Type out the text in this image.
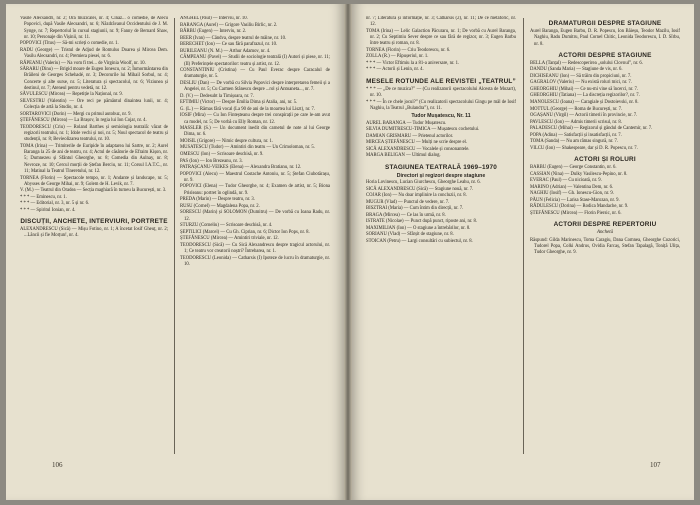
Vasile Alecsandri, nr. 2; Ora muzicalei, nr. 4; Cinãz... o comedie, de Alecu Popovici, după Vasile Alecsandri, nr. 6; Năzdrăvanul Occidentului de J. M. Synge, nr. 7; Repertoriul în cursul stagiunii, nr. 9; Fanny de Bernard Shaw, nr. 10; Personaje din Vișinii, nr. 11.
POPOVICI (Titus) — Să-mi scrieți o comedie, nr. 1.
RADU (George) — Tristul de Adjud de Romulus Doarea și Mircea Dem. Vasilu Alecsandri, nr. 4; Premiera piesei, nr. 6.
RĂPEANU (Valeriu) — Na vom fi trei... de Virginia Woolf, nr. 10.
SĂRARU (Dinu) — Brigid moare de Eugen Ionescu, nr. 2; Înmormântarea din Brăileni de Georges Schehadé, nr. 3; Decorurile lui Mihail Sorbul, nr. 4; Concerte și alte surse, nr. 5; Literatura și spectacolul, nr. 6; Viziunea și destinul, nr. 7; Ateneul pentru vedetă, nr. 12.
SĂVULESCU (Mircea) — Repetiție la Național, nr. 9.
SILVESTRU (Valentin) — Ore reci pe pământul dinaintea lunii, nr. 4; Colecția de artă la Studio, nr. 4.
SORTAROVICI (Dorin) — Mergi cu primul autobuz, nr. 9.
ȘTEFĂNESCU (Mircea) — La Brașov, în regia lui Ion Cojar, nr. 4.
TEODORESCU (Criu) — Roland Barthes și semiologia teatrală: văzut de regizorii teatrului, nr. 1; Idole vechi și noi, nr. 5; Noul spectacol de teatru și studenții, nr. 8; Bevieolizarea teatrului, nr. 10.
TOMA (Irina) — Trimiterile de Euripide în adaptarea lui Sartre, nr. 2; Aurel Baranga la 25 de ani de teatru, nr. 4; Actul de căsătorie de Efraim Kișon, nr. 5; Dumnezeu și Sfântul Gheorghe, nr. 8; Comedia din Aulnay, nr. 8; Nevroze, nr. 10; Cercul morții de Ștefan Berciu, nr. 11; Corsul I.A.T.C., nr. 11; Matinal la Teatrul Tineretului, nr. 12.
TORNEA (Florin) — Spectacole tempo, nr. 1; Andante și landscape, nr. 5; Abysses de George Mihai, nr. 9; Golem de H. Levik, nr. 7.
V. (M.) — Teatrul din Oradea — Secția maghiară în turneu la București, nr. 3.
* * * — Eminescu, nr. 1.
* * * — Editorial, nr. 3, nr. 5 și nr. 6.
* * * — Spiritul Ionian, nr. 4.
DISCUȚII, ANCHETE, INTERVIURI, PORTRETE
ALEXANDRESCU (Sică) — Mișu Fotino, nr. 1; A încetat Iosif Gheuț, nr. 2; ...Lăncii și fie Morțun!, nr. 4.
ANGHEL (Paul) — Interviu, nr. 10.
BARANGA (Aurel) — Grigore Vasiliu Birlic, nr. 2.
BĂRBU (Eugen) — Interviu, nr. 2.
BEER (Ivan) — Cândva, despre teatrul de mâine, nr. 10.
BERECHET (Ion) — Ce sau fără parafrazul, nr. 10.
BURILEANU (N. M.) — Arthur Adamov, nr. 4.
CÂMPEANU (Pavel) — Studii de sociologie teatrală (I) Autori și piese, nr. 11; (II) Preferințele spectatorilor: teatru și artist, nr. 12.
CONSTANTINIU (Cristina) — Cu Paul Everac despre Caracalul de dramaturgie, nr. 5.
DESLIU (Dan) — De vorbă cu Silvia Popovici despre interpretarea femeii și a Angelei, nr. 5; Cu Carmen Stănescu despre ...rol și Antoaneta..., nr. 7.
D. (V.) — Dedesubt la Timișoara, nr. 7.
EFTIMIU (Victor) — Despre Emilia Dima și Atalia, ani, nr. 5.
G. (L.) — Rămas fără vocal (La 90 de ani de la moartea lui Liszt), nr. 7.
IOSIF (Mira) — Cu Ion Finteșteanu despre trei conspirații pe care le-am avut ca model, nr. 5; De vorbă cu Elly Roman, nr. 12.
MASSLER (S.) — Un document inedit din carnetul de note al lui George Dima, nr. 6.
MOISIL (Grigore) — Nimic despre cultura, nr. 1.
MUSATESCU (Tudor) — Amintiri din teatru — Un Crimoloman, nr. 5.
OMESCU (Ion) — Scrisoare deschisă, nr. 9.
PAS (Ion) — Ion Brezeanu, nr. 3.
PATRAȘCANU-VEIKES (Elena) — Alexandra Bratianu, nr. 12.
POPOVICI (Alecu) — Maestrul Costache Antoniu, nr. 5; Ștefan Ciubotărașu, nr. 9.
POPOVICI (Elena) — Tudor Gheorghe, nr. 4; Examen de artist, nr. 5; Biona Prisleanu: portret în oglindă, nr. 9.
PREDA (Marin) — Despre teatru, nr. 3.
RUSU (Cornel) — Magdalena Popa, nr. 2.
SORESCU (Marin) și SOLOMON (Dumitru) — De vorbă cu Ioana Radu, nr. 12.
STURZU (Corneliu) — Scrisoare deschisă, nr. 4.
ȘEPTILICI (Marcel) — Cu Gh. Ciprian, nr. 6; Dictor Ion Pops, nr. 8.
ȘTEFĂNESCU (Mircea) — Amintiri triviale, nr. 12.
TEODORESCU (Sică) — Cu Sică Alexandrescu despre tragicul actorului, nr. 1; Ce teatru vor creatorii noștri? Întrebarea, nr. 1.
TEODORESCU (Leonida) — Catharsis (I) Ipoteze de lucru în dramaturgie, nr. 10.
106
nr. 7; Literatura și informație, nr. 3; Catharsis (2), nr. 11; De ce metaforic, nr. 12.
TOMA (Irina) — Lelic Galaction Păcuraru, nr. 1; De vorbă cu Aurel Baranga, nr. 2; Cu Septimiu Sever despre ce sau fără de regizor, nr. 3; Eugen Barbu între teatru și roman, nr. 8.
TORNEA (Florin) — Criu Teodorescu, nr. 6.
ZOLLA (R.) — Păpușeriul, nr. 1.
* * * — Victor Eftimiu la a 81-a aniversare, nr. 1.
* * * — Actorii și Lenin, nr. 4.
MESELE ROTUNDE ALE REVISTEI „TEATRUL”
* * * — „De ce muzica?” — (Cu realizatorii spectacolului Alcesta de Mozart), nr. 10.
* * * — În ce chele jocul?” (Cu realizatorii spectacolului Gingu pe mâl de Iosif Naghiu, la Teatrul „Bulandra”), nr. 11.
Tudor Mușatescu, Nr. 11
AUREL BARANGA — Tudor Mușatescu.
SILVIA DUMITRESCU-TIMICA — Mușatescu cochetului.
DAMIAN GRISMARU — Prietenul actorilor.
MIRCEA ȘTEFĂNESCU — Mulți ne scrie despre el.
SICĂ ALEXANDRESCU — Vocalele și consonantele.
MARGA BELIGAN — Ultimul dialog.
STAGIUNEA TEATRALĂ 1969–1970
Directori și regizori despre stagiune
Horia Lovinescu, Lucian Giurchescu, Gheorghe Leahu, nr. 6.
SICĂ ALEXANDRESCU (Sică) — Stagiune nouă, nr. 7.
COJAR (Ion) — Nu doar implinire la concluzii, nr. 8.
MUGUR (Vlad) — Punctul de vedere, nr. 7.
BISZTRAI (Maria) — Cum întim din direcții, nr. 7.
BRAGA (Mircea) — Ce las în urmă, nr. 8.
ISTRATE (Nicolae) — Punct după punct, riposte ani, nr. 8.
MAXIMILIAN (Ion) — O stagiune a întrebărilor, nr. 8.
SORIANU (Vlad) — Sfârșit de stagiune, nr. 8.
STOICAN (Petru) — Largi consultări cu subiectul, nr. 8.
DRAMATURGII DESPRE STAGIUNE
Aurel Baranga, Eugen Barbu, D. R. Popescu, Ion Băieșu, Teodor Mazilu, Iosif Naghiu, Radu Dumitru, Paul Cornel Chitic, Leonida Teodorescu, I. D. Sîrbu, nr. 8.
ACTORII DESPRE STAGIUNE
BELLA (Tanțal) — Redescoperirea „solului Clovnul”, nr. 6.
DANDU (Sanda Maria) — Stagiune de vis, nr. 6.
DICHISEANU (Ion) — Să trăim din propiciuni, nr. 7.
GAGRALOV (Valeriu) — Nu există roluri mici, nr. 7.
GHEORGHIU (Mihai) — Ce nu-mi vine să încerci, nr. 7.
GHEORGHIU (Tatiana) — La discreția regizorilor?, nr. 7.
MANOLESCU (Ioana) — Caragiale și Dostoievski, nr. 8.
MOTTUL (George) — Roma de București, nr. 7.
OGAȘANU (Virgil) — Actorii timerii în provincie, nr. 7.
PAVLESCU (Ion) — Admis timerii scrisul, nr. 8.
PALADESCU (Mihai) — Regizorul și gândul de Cantemir, nr. 7.
POPA (Adina) — Satisfacții și insatisfacții, nr. 7.
TOMA (Sanda) — Nu am rămas singură, nr. 7.
VILCU (Ion) — Shakespeare, dar și D. R. Popescu, nr. 7.
ACTORI ȘI ROLURI
BARBU (Eugen) — George Constantin, nr. 6.
CASSIAN (Nina) — Dulky Vasilescu-Pepino, nr. 8.
EVERAC (Paul) — Cu nicioată, nr. 9.
MARINO (Adrian) — Valentina Dem, nr. 6.
NAGHIU (Iosif) — Gh. Ionescu-Gion, nr. 9.
PĂUN (Felicia) — Larisa Stase-Marozan, nr. 9.
RĂDULESCU (Dorina) — Rodica Mandache, nr. 9.
ȘTEFĂNESCU (Mircea) — Florin Piersic, nr. 6.
ACTORII DESPRE REPERTORIU
Anchetă
Răspund: Gilda Marinescu, Toma Caragiu, Dana Comnea, Gheorghe Cozorici, Tudorel Popa, Colki Andrus, Ovidia Farcaș, Stefan Tapalagă, Toniță Ulița, Tudor Gheorghe, nr. 9.
107
